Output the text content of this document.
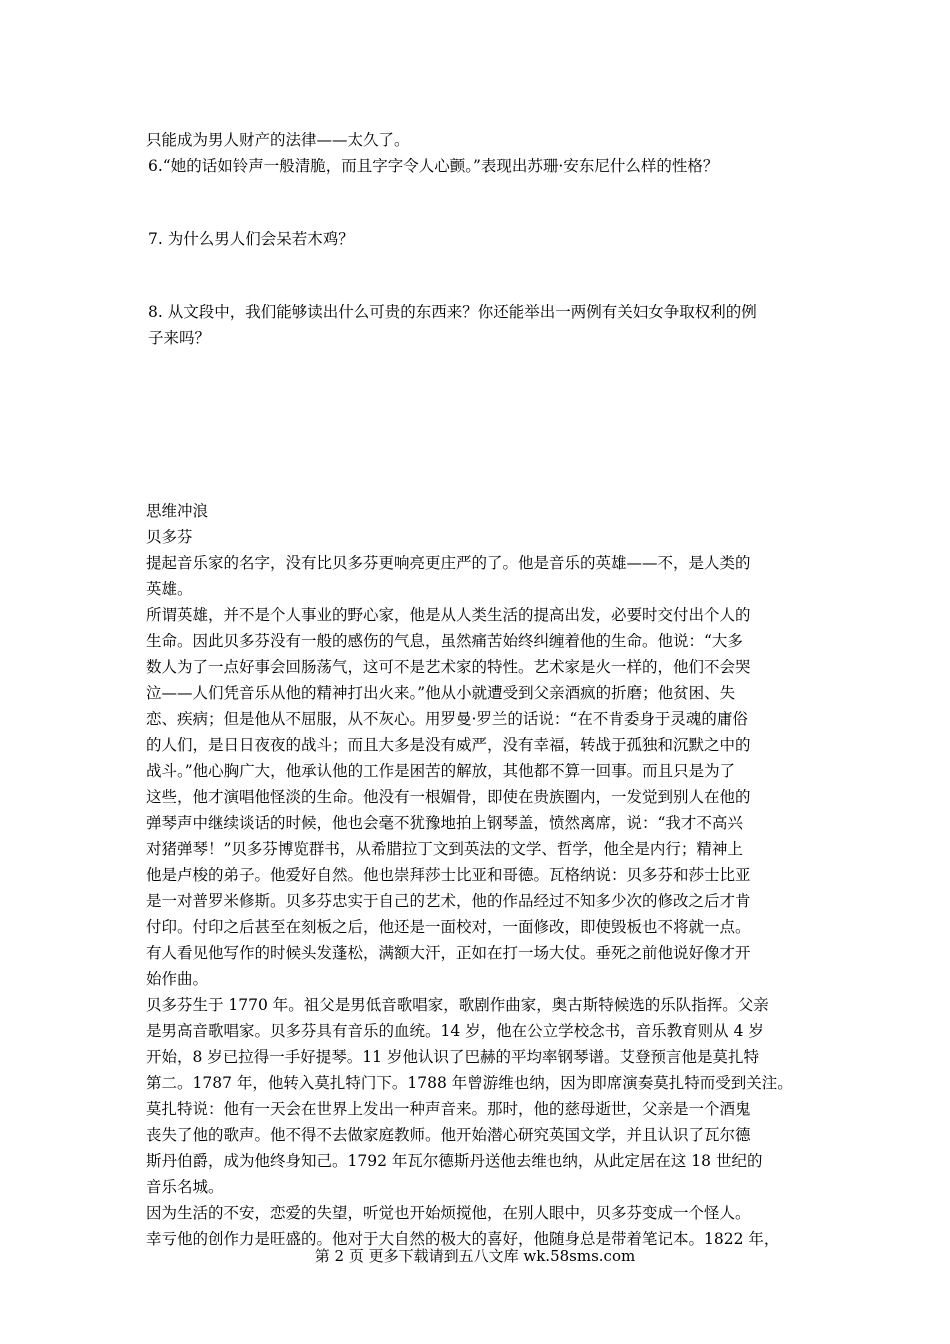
只能成为男人财产的法律——太久了。
6.“她的话如铃声一般清脆，而且字字令人心颤。”表现出苏珊·安东尼什么样的性格？
7. 为什么男人们会呆若木鸡？
8. 从文段中，我们能够读出什么可贵的东西来？你还能举出一两例有关妇女争取权利的例
子来吗？
思维冲浪
贝多芬
提起音乐家的名字，没有比贝多芬更响亮更庄严的了。他是音乐的英雄——不，是人类的
英雄。
所谓英雄，并不是个人事业的野心家，他是从人类生活的提高出发，必要时交付出个人的
生命。因此贝多芬没有一般的感伤的气息，虽然痛苦始终纠缠着他的生命。他说：“大多
数人为了一点好事会回肠荡气，这可不是艺术家的特性。艺术家是火一样的，他们不会哭
泣——人们凭音乐从他的精神打出火来。”他从小就遭受到父亲酒疯的折磨；他贫困、失
恋、疾病；但是他从不屈服，从不灰心。用罗曼·罗兰的话说：“在不肯委身于灵魂的庸俗
的人们，是日日夜夜的战斗；而且大多是没有威严，没有幸福，转战于孤独和沉默之中的
战斗。”他心胸广大，他承认他的工作是困苦的解放，其他都不算一回事。而且只是为了
这些，他才演唱他怪淡的生命。他没有一根媚骨，即使在贵族圈内，一发觉到别人在他的
弹琴声中继续谈话的时候，他也会毫不犹豫地拍上钢琴盖，愤然离席，说：“我才不高兴
对猪弹琴！”贝多芬博览群书，从希腊拉丁文到英法的文学、哲学，他全是内行；精神上
他是卢梭的弟子。他爱好自然。他也崇拜莎士比亚和哥德。瓦格纳说：贝多芬和莎士比亚
是一对普罗米修斯。贝多芬忠实于自己的艺术，他的作品经过不知多少次的修改之后才肯
付印。付印之后甚至在刻板之后，他还是一面校对，一面修改，即使毁板也不将就一点。
有人看见他写作的时候头发蓬松，满额大汗，正如在打一场大仗。垂死之前他说好像才开
始作曲。
贝多芬生于 1770 年。祖父是男低音歌唱家，歌剧作曲家，奥古斯特候选的乐队指挥。父亲
是男高音歌唱家。贝多芬具有音乐的血统。14 岁，他在公立学校念书，音乐教育则从 4 岁
开始，8 岁已拉得一手好提琴。11 岁他认识了巴赫的平均率钢琴谱。艾登预言他是莫扎特
第二。1787 年，他转入莫扎特门下。1788 年曾游维也纳，因为即席演奏莫扎特而受到关注。
莫扎特说：他有一天会在世界上发出一种声音来。那时，他的慈母逝世，父亲是一个酒鬼
丧失了他的歌声。他不得不去做家庭教师。他开始潜心研究英国文学，并且认识了瓦尔德
斯丹伯爵，成为他终身知己。1792 年瓦尔德斯丹送他去维也纳，从此定居在这 18 世纪的
音乐名城。
因为生活的不安，恋爱的失望，听觉也开始烦搅他，在别人眼中，贝多芬变成一个怪人。
幸亏他的创作力是旺盛的。他对于大自然的极大的喜好，他随身总是带着笔记本。1822 年，
第 2 页 更多下载请到五八文库 wk.58sms.com
